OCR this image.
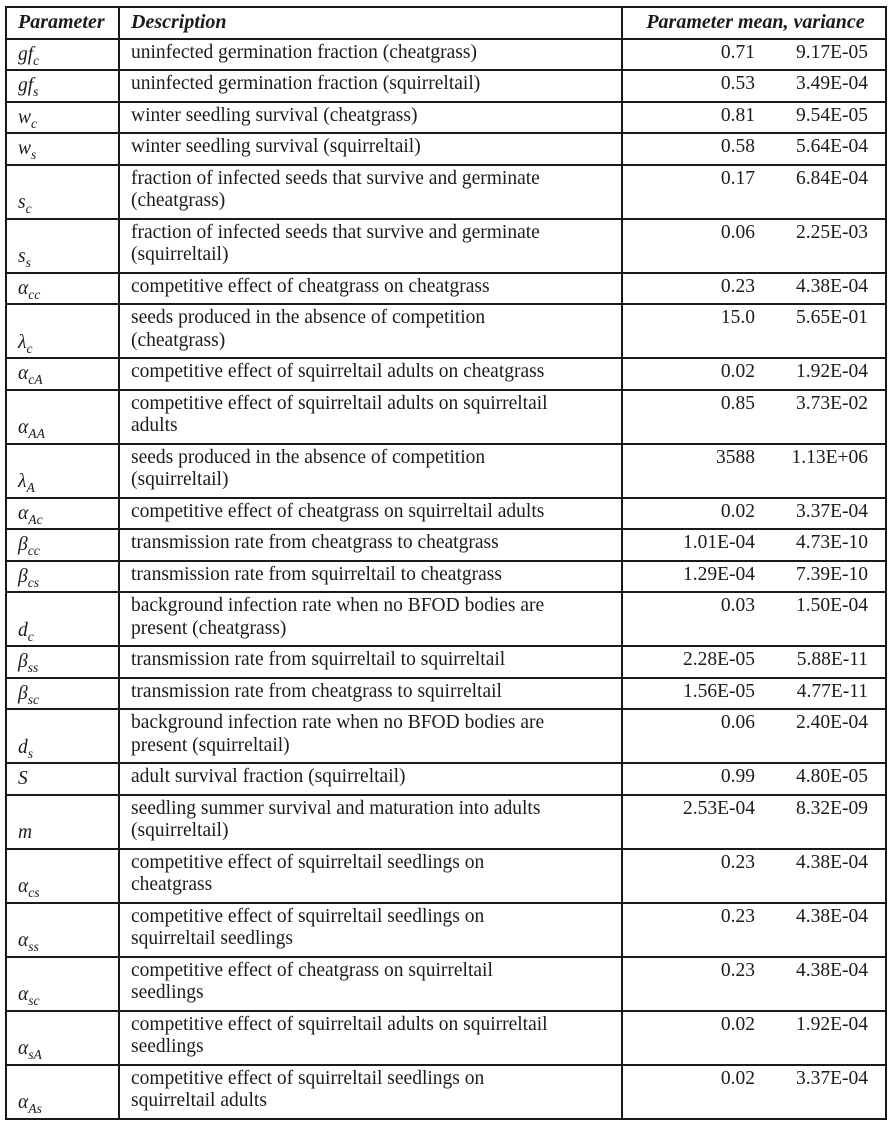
Parameter	Description	Parameter mean, variance	
$gf_c$	uninfected germination fraction (cheatgrass)	0.71	9.17E-05
$gf_s$	uninfected germination fraction (squirreltail)	0.53	3.49E-04
$w_c$	winter seedling survival (cheatgrass)	0.81	9.54E-05
$w_s$	winter seedling survival (squirreltail)	0.58	5.64E-04
$s_c$	fraction of infected seeds that survive and germinate
(cheatgrass)	0.17	6.84E-04
$s_s$	fraction of infected seeds that survive and germinate
(squirreltail)	0.06	2.25E-03
$\alpha_{cc}$	competitive effect of cheatgrass on cheatgrass	0.23	4.38E-04
$\lambda_c$	seeds produced in the absence of competition
(cheatgrass)	15.0	5.65E-01
$\alpha_{cA}$	competitive effect of squirreltail adults on cheatgrass	0.02	1.92E-04
$\alpha_{AA}$	competitive effect of squirreltail adults on squirreltail
adults	0.85	3.73E-02
$\lambda_A$	seeds produced in the absence of competition
(squirreltail)	3588	1.13E+06
$\alpha_{Ac}$	competitive effect of cheatgrass on squirreltail adults	0.02	3.37E-04
$\beta_{cc}$	transmission rate from cheatgrass to cheatgrass	1.01E-04	4.73E-10
$\beta_{cs}$	transmission rate from squirreltail to cheatgrass	1.29E-04	7.39E-10
$d_c$	background infection rate when no BFOD bodies are
present (cheatgrass)	0.03	1.50E-04
$\beta_{ss}$	transmission rate from squirreltail to squirreltail	2.28E-05	5.88E-11
$\beta_{sc}$	transmission rate from cheatgrass to squirreltail	1.56E-05	4.77E-11
$d_s$	background infection rate when no BFOD bodies are
present (squirreltail)	0.06	2.40E-04
S	adult survival fraction (squirreltail)	0.99	4.80E-05
m	seedling summer survival and maturation into adults
(squirreltail)	2.53E-04	8.32E-09
$\alpha_{cs}$	competitive effect of squirreltail seedlings on
cheatgrass	0.23	4.38E-04
$\alpha_{ss}$	competitive effect of squirreltail seedlings on
squirreltail seedlings	0.23	4.38E-04
$\alpha_{sc}$	competitive effect of cheatgrass on squirreltail
seedlings	0.23	4.38E-04
$\alpha_{sA}$	competitive effect of squirreltail adults on squirreltail
seedlings	0.02	1.92E-04
$\alpha_{As}$	competitive effect of squirreltail seedlings on
squirreltail adults	0.02	3.37E-04
